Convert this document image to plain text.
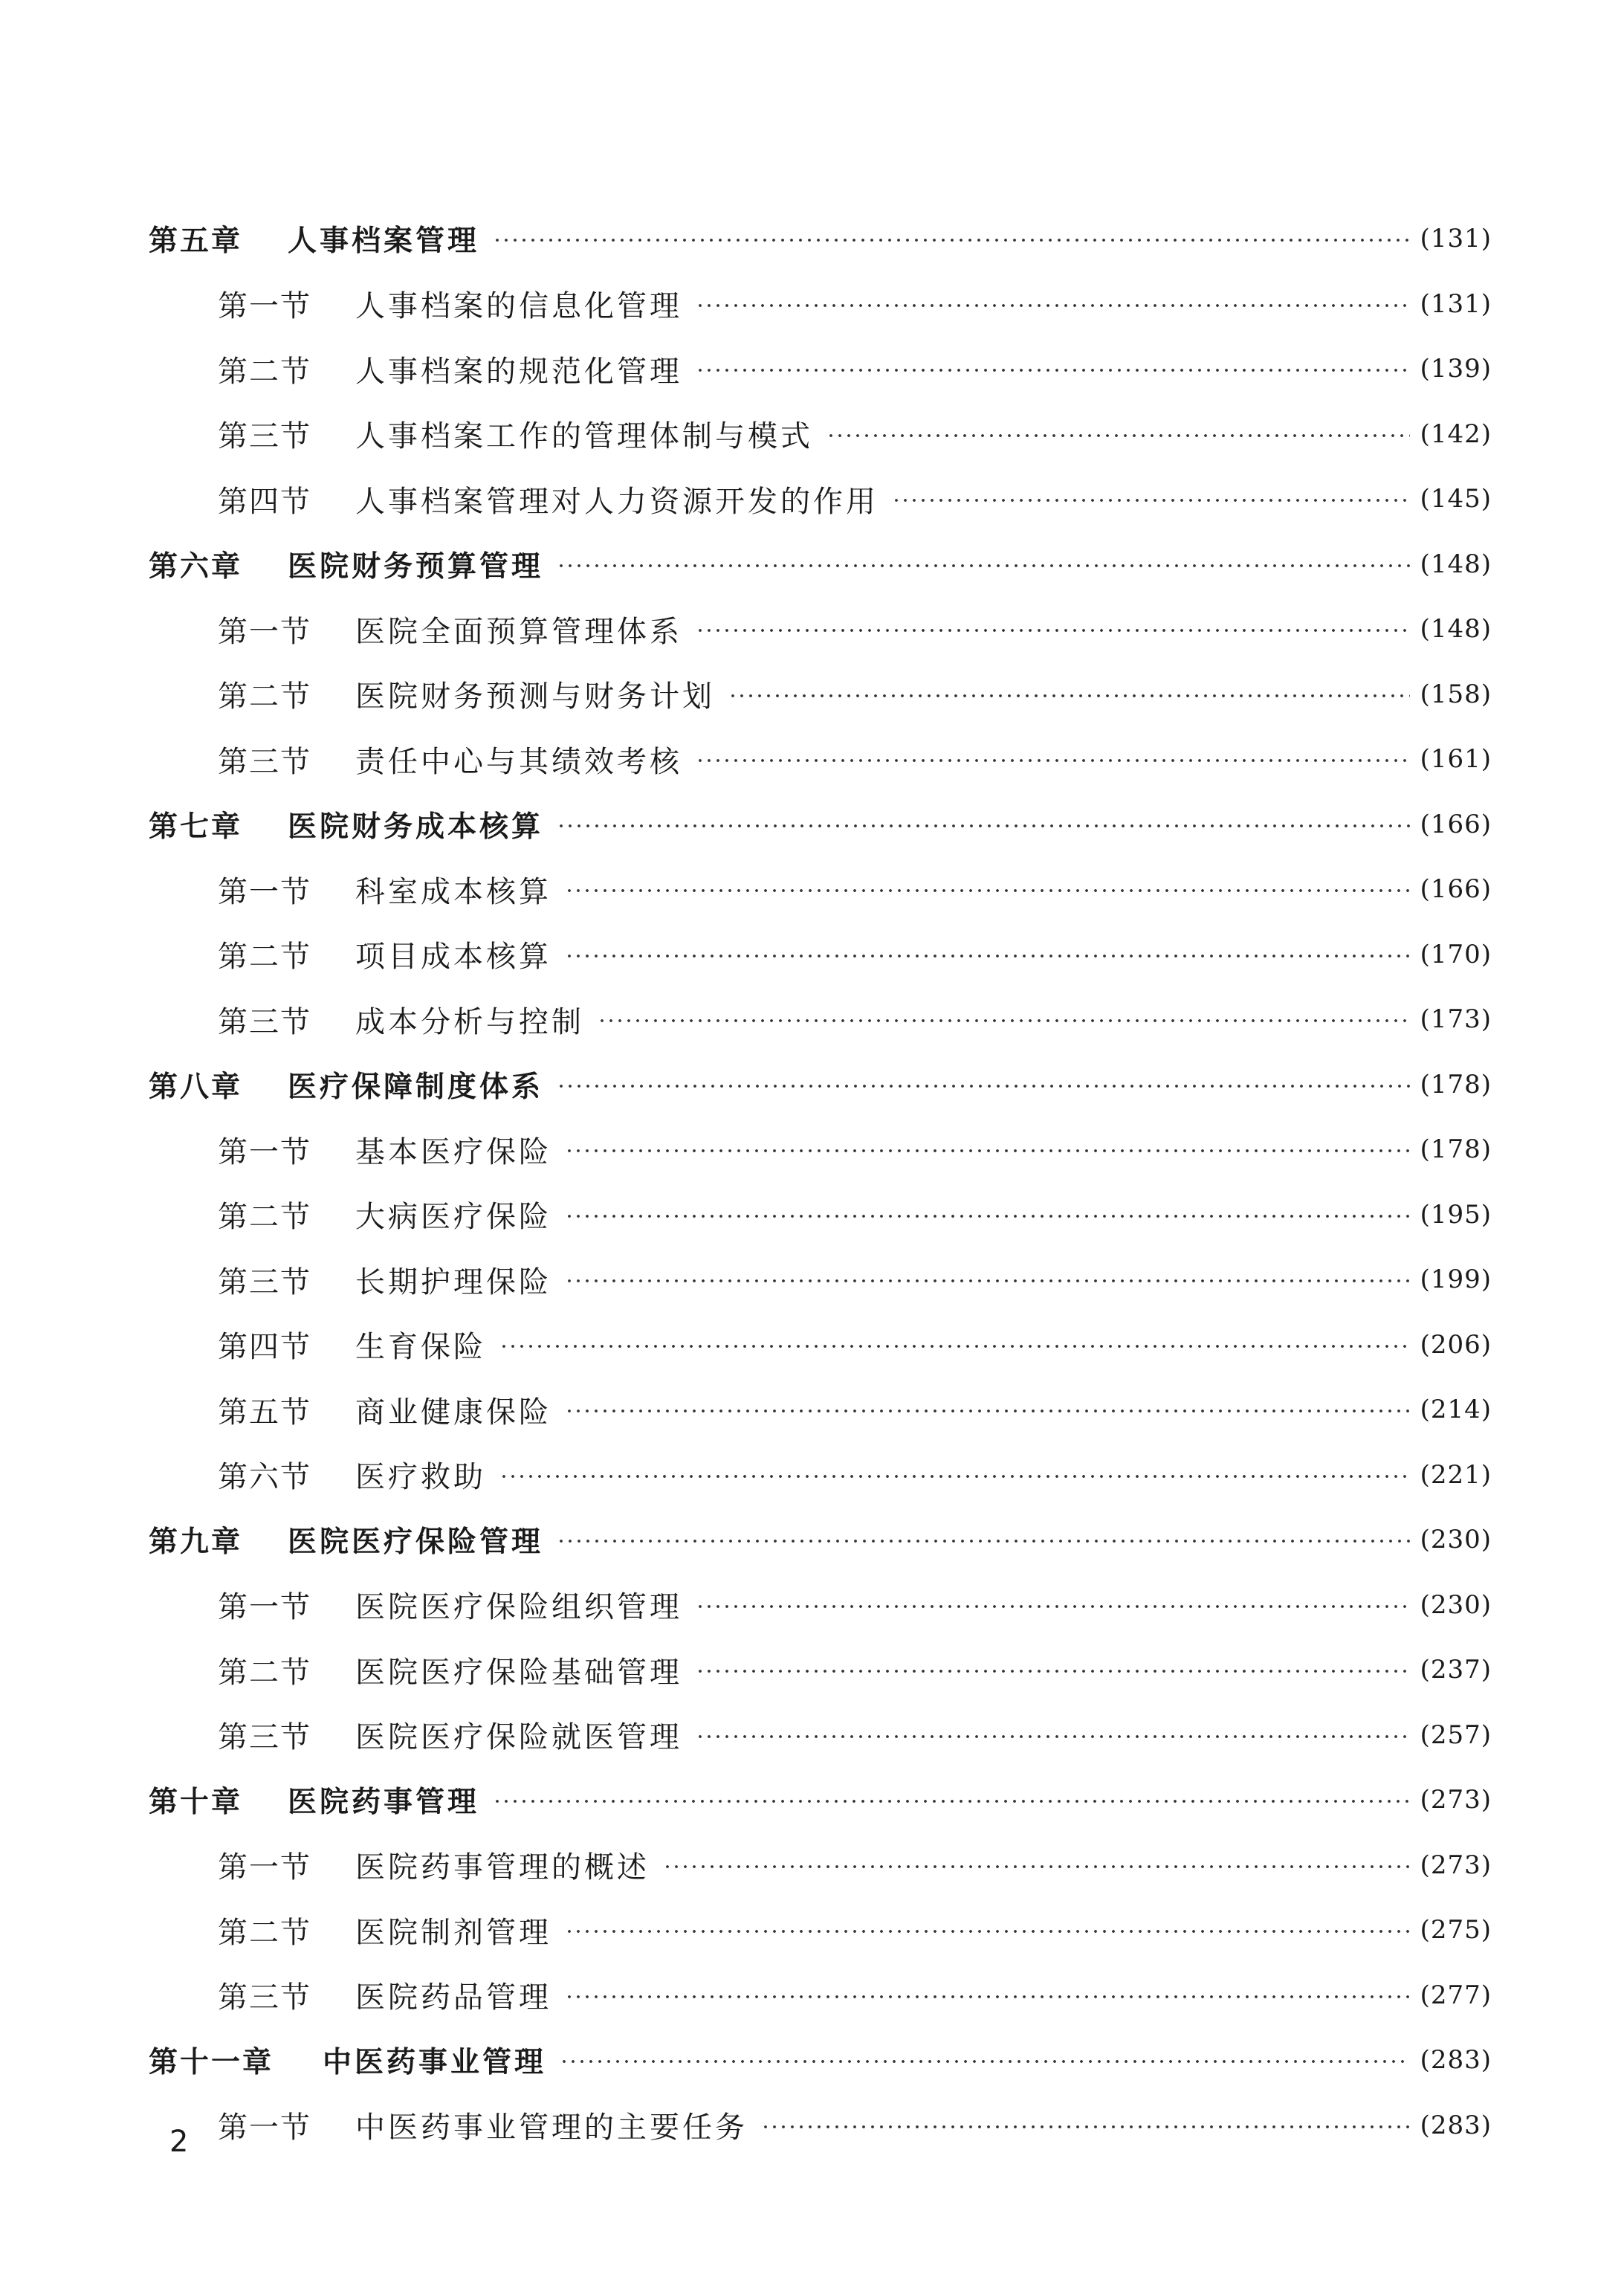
第五章	人事档案管理	(131)
第一节	人事档案的信息化管理	(131)
第二节	人事档案的规范化管理	(139)
第三节	人事档案工作的管理体制与模式	(142)
第四节	人事档案管理对人力资源开发的作用	(145)
第六章	医院财务预算管理	(148)
第一节	医院全面预算管理体系	(148)
第二节	医院财务预测与财务计划	(158)
第三节	责任中心与其绩效考核	(161)
第七章	医院财务成本核算	(166)
第一节	科室成本核算	(166)
第二节	项目成本核算	(170)
第三节	成本分析与控制	(173)
第八章	医疗保障制度体系	(178)
第一节	基本医疗保险	(178)
第二节	大病医疗保险	(195)
第三节	长期护理保险	(199)
第四节	生育保险	(206)
第五节	商业健康保险	(214)
第六节	医疗救助	(221)
第九章	医院医疗保险管理	(230)
第一节	医院医疗保险组织管理	(230)
第二节	医院医疗保险基础管理	(237)
第三节	医院医疗保险就医管理	(257)
第十章	医院药事管理	(273)
第一节	医院药事管理的概述	(273)
第二节	医院制剂管理	(275)
第三节	医院药品管理	(277)
第十一章	中医药事业管理	(283)
第一节	中医药事业管理的主要任务	(283)
2
